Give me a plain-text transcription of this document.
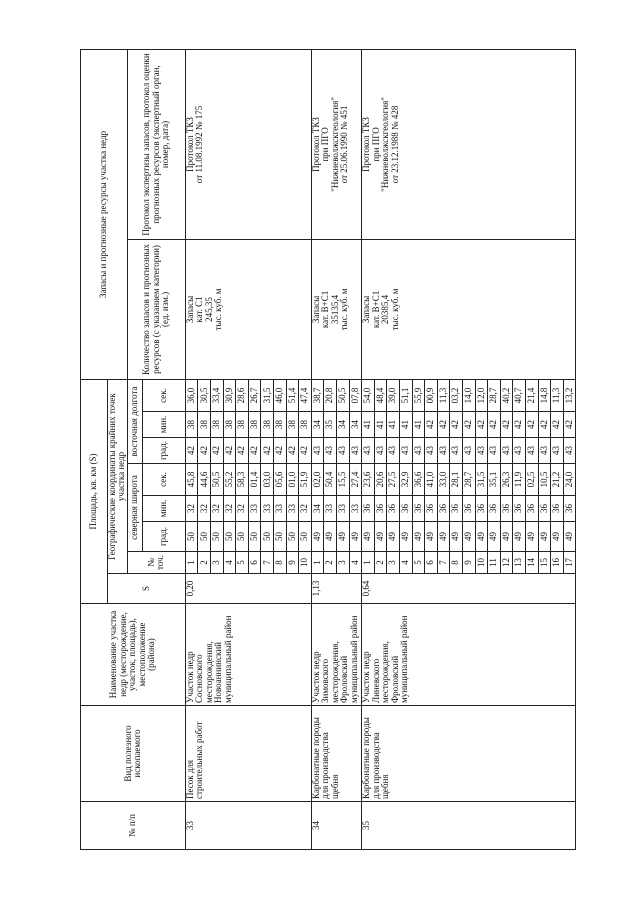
№ п/п	Вид полезного ископаемого	Наименование участка недр (месторождение, участок, площадь), местоположение (района)	Площадь, кв. км (S)								Запасы и прогнозные ресурсы участка недр	
			S	Географические координаты крайних точек участка недр								
				№ точ.	северная широта			восточная долгота			Количество запасов и прогнозных ресурсов (с указанием категории) (ед. изм.)	Протокол экспертизы запасов, протокол оценки прогнозных ресурсов (экспертный орган, номер, дата)
					град.	мин.	сек.	град.	мин.	сек.		
33	Песок для строительных работ	Участок недр Сосновского месторождения, Новоаннинский муниципальный район	0,20	1	50	32	45,8	42	38	36,0	Запасы
кат. C1
245,35
тыс. куб. м	Протокол ТКЗ
от 11.08.1992 № 175
				2	50	32	44,6	42	38	30,5		
				3	50	32	50,5	42	38	33,4		
				4	50	32	55,2	42	38	30,9		
				5	50	32	58,3	42	38	28,6		
				6	50	33	01,4	42	38	26,7		
				7	50	33	03,0	42	38	31,5		
				8	50	33	05,6	42	38	46,0		
				9	50	33	01,0	42	38	51,4		
				10	50	32	51,9	42	38	47,4		
34	Карбонатные породы для производства щебня	Участок недр Зимовского месторождения, Фроловский муниципальный район	1,13	1	49	34	02,0	43	34	38,7	Запасы
кат. B+C1
35135,4
тыс. куб. м	Протокол ТКЗ
при ПГО
"Нижневолжскгеология"
от 25.06.1990 № 451
				2	49	33	50,4	43	35	20,8		
				3	49	33	15,5	43	34	50,5		
				4	49	33	27,4	43	34	07,8		
35	Карбонатные породы для производства щебня	Участок недр Линевского месторождения, Фроловский муниципальный район	0,64	1	49	36	23,6	43	41	54,0	Запасы
кат. B+C1
20385,4
тыс. куб. м	Протокол ТКЗ
при ПГО
"Нижневолжскгеология"
от 23.12.1988 № 428
				2	49	36	20,6	43	41	48,4		
				3	49	36	27,5	43	41	39,0		
				4	49	36	32,9	43	41	51,1		
				5	49	36	36,6	43	41	55,9		
				6	49	36	41,0	43	42	00,9		
				7	49	36	33,0	43	42	11,3		
				8	49	36	28,1	43	42	03,2		
				9	49	36	28,7	43	42	14,0		
				10	49	36	31,5	43	42	12,0		
				11	49	36	35,1	43	42	28,7		
				12	49	36	26,3	43	42	40,2		
				13	49	36	11,9	43	42	40,7		
				14	49	36	02,5	43	42	21,4		
				15	49	36	10,5	43	42	14,8		
				16	49	36	21,2	43	42	11,3		
				17	49	36	24,0	43	42	13,2		
